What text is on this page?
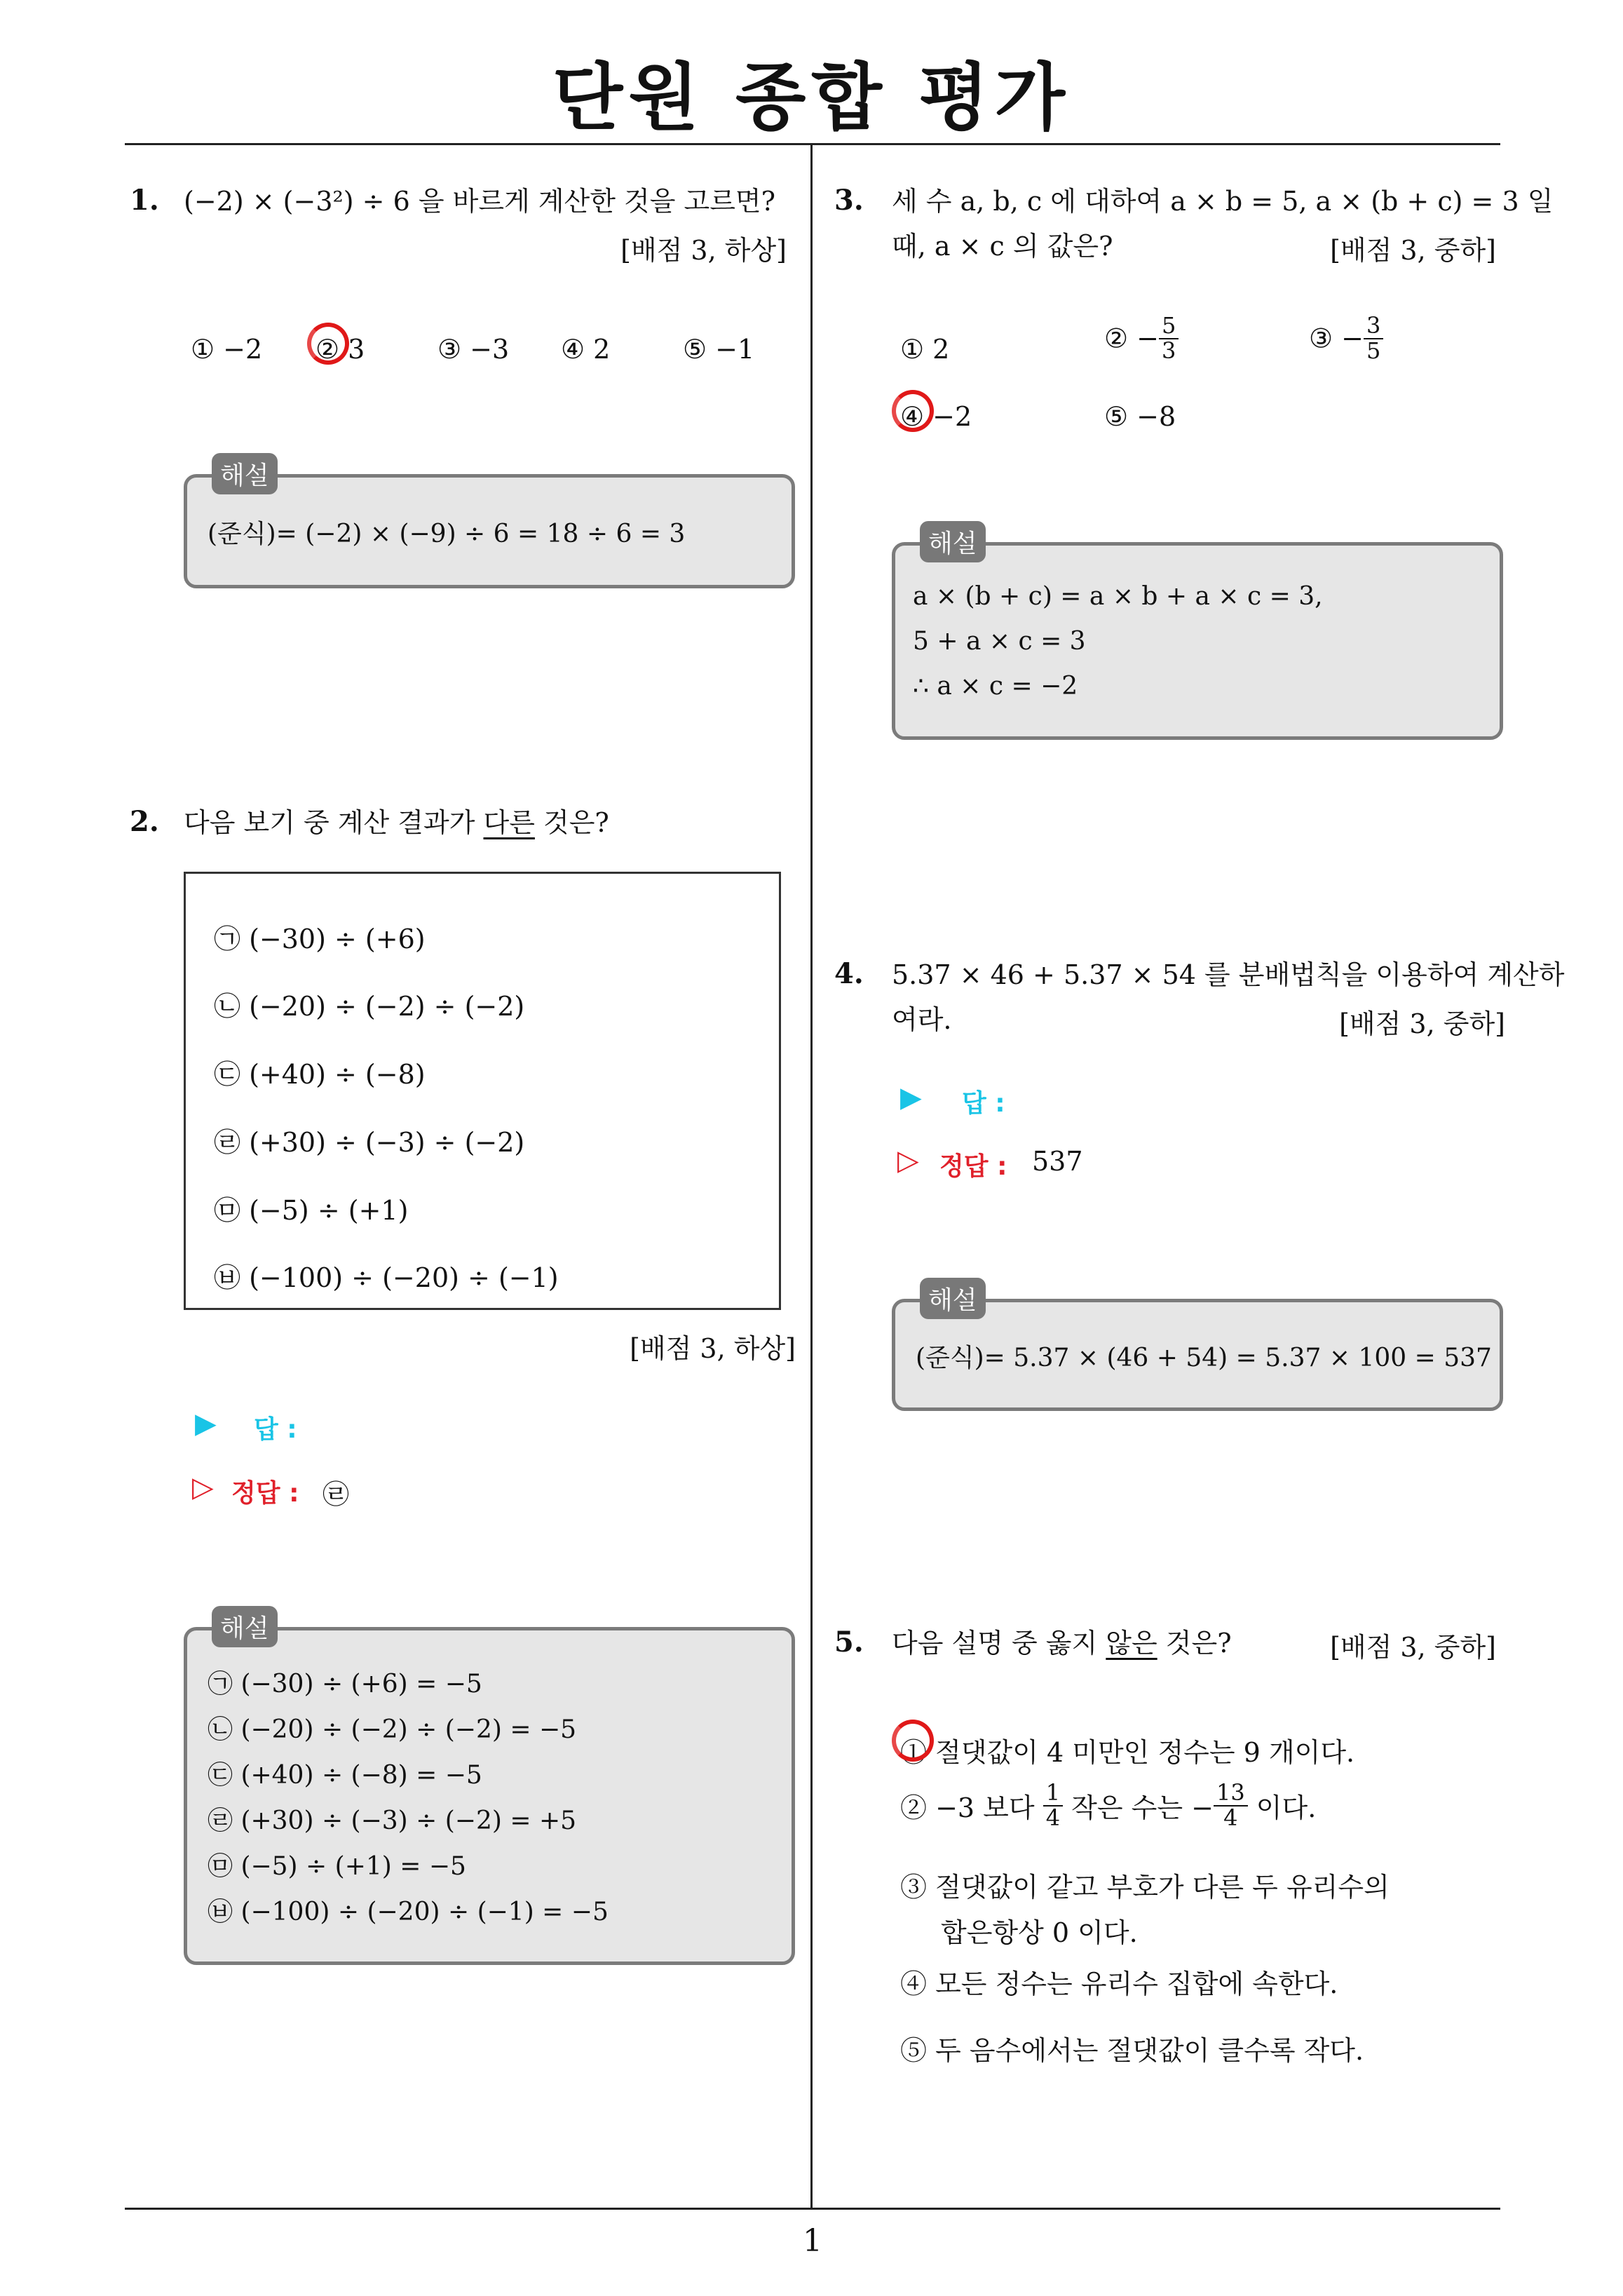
단원 종합 평가
1
1. (−2) × (−3²) ÷ 6 을 바르게 계산한 것을 고르면?
[배점 3, 하상]
① −2 ② 3	③ −3 ④ 2	⑤ −1
해설
(준식)= (−2) × (−9) ÷ 6 = 18 ÷ 6 = 3
2. 다음 보기 중 계산 결과가 다른 것은?
㉠ (−30) ÷ (+6)
㉡ (−20) ÷ (−2) ÷ (−2)
㉢ (+40) ÷ (−8)
㉣ (+30) ÷ (−3) ÷ (−2)
㉤ (−5) ÷ (+1)
㉥ (−100) ÷ (−20) ÷ (−1)
[배점 3, 하상]
▶ 답 :
▷ 정답 : ㉣
해설
㉠ (−30) ÷ (+6) = −5
㉡ (−20) ÷ (−2) ÷ (−2) = −5
㉢ (+40) ÷ (−8) = −5
㉣ (+30) ÷ (−3) ÷ (−2) = +5
㉤ (−5) ÷ (+1) = −5
㉥ (−100) ÷ (−20) ÷ (−1) = −5
3. 세 수 a, b, c 에 대하여 a × b = 5, a × (b + c) = 3 일
때, a × c 의 값은?	[배점 3, 중하]
① 2	② − $\frac{5}{3}$	③ − $\frac{3}{5}$
④ −2	⑤ −8
해설
a × (b + c) = a × b + a × c = 3,
5 + a × c = 3
∴ a × c = −2
4. 5.37 × 46 + 5.37 × 54 를 분배법칙을 이용하여 계산하
여라.	[배점 3, 중하]
▶ 답 :
▷ 정답 : 537
해설
(준식)= 5.37 × (46 + 54) = 5.37 × 100 = 537
5. 다음 설명 중 옳지 않은 것은?	[배점 3, 중하]
① 절댓값이 4 미만인 정수는 9 개이다.
② −3 보다 $\frac{1}{4}$ 작은 수는 − $\frac{13}{4}$ 이다.
③ 절댓값이 같고 부호가 다른 두 유리수의
합은항상 0 이다.
④ 모든 정수는 유리수 집합에 속한다.
⑤ 두 음수에서는 절댓값이 클수록 작다.
